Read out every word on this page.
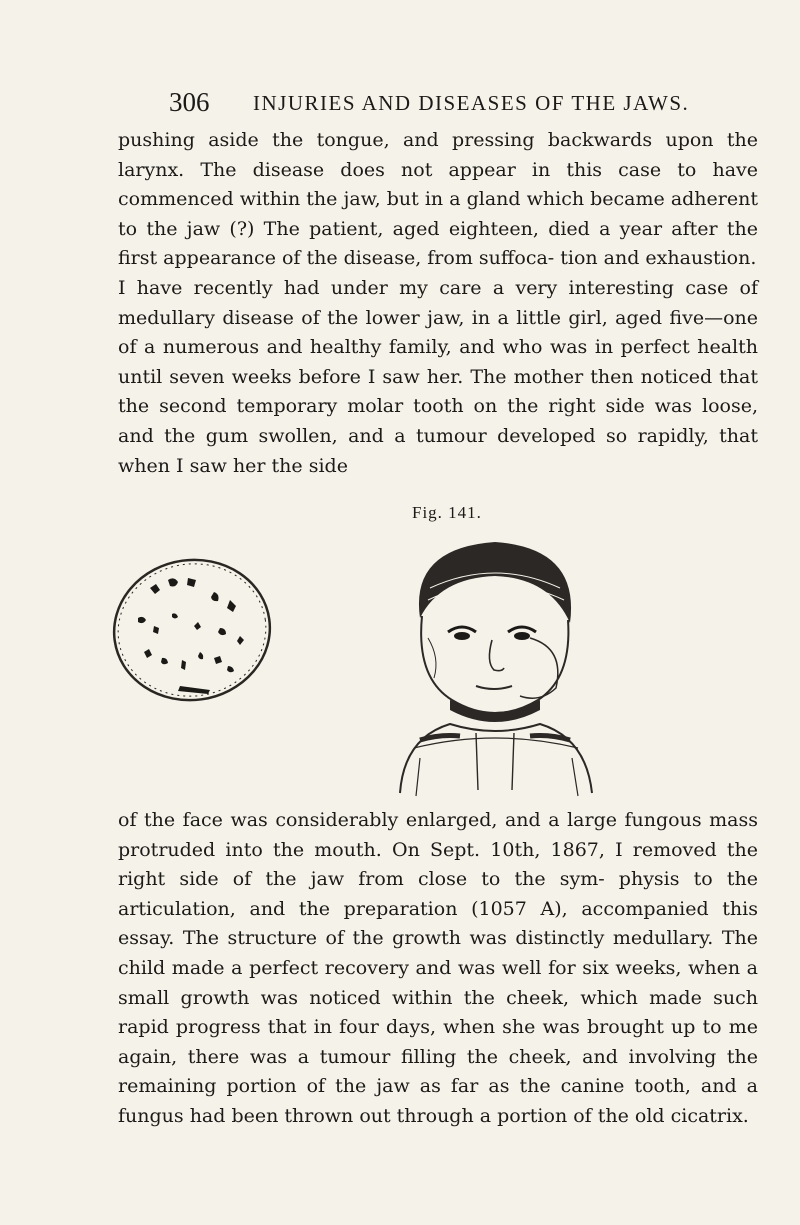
306 INJURIES AND DISEASES OF THE JAWS.

pushing aside the tongue, and pressing backwards upon the larynx. The disease does not appear in this case to have commenced within the jaw, but in a gland which became adherent to the jaw (?) The patient, aged eighteen, died a year after the first appearance of the disease, from suffoca- tion and exhaustion.

I have recently had under my care a very interesting case of medullary disease of the lower jaw, in a little girl, aged five—one of a numerous and healthy family, and who was in perfect health until seven weeks before I saw her. The mother then noticed that the second temporary molar tooth on the right side was loose, and the gum swollen, and a tumour developed so rapidly, that when I saw her the side

Fig. 141.

of the face was considerably enlarged, and a large fungous mass protruded into the mouth. On Sept. 10th, 1867, I removed the right side of the jaw from close to the sym- physis to the articulation, and the preparation (1057 A), accompanied this essay. The structure of the growth was distinctly medullary. The child made a perfect recovery and was well for six weeks, when a small growth was noticed within the cheek, which made such rapid progress that in four days, when she was brought up to me again, there was a tumour filling the cheek, and involving the remaining portion of the jaw as far as the canine tooth, and a fungus had been thrown out through a portion of the old cicatrix.
